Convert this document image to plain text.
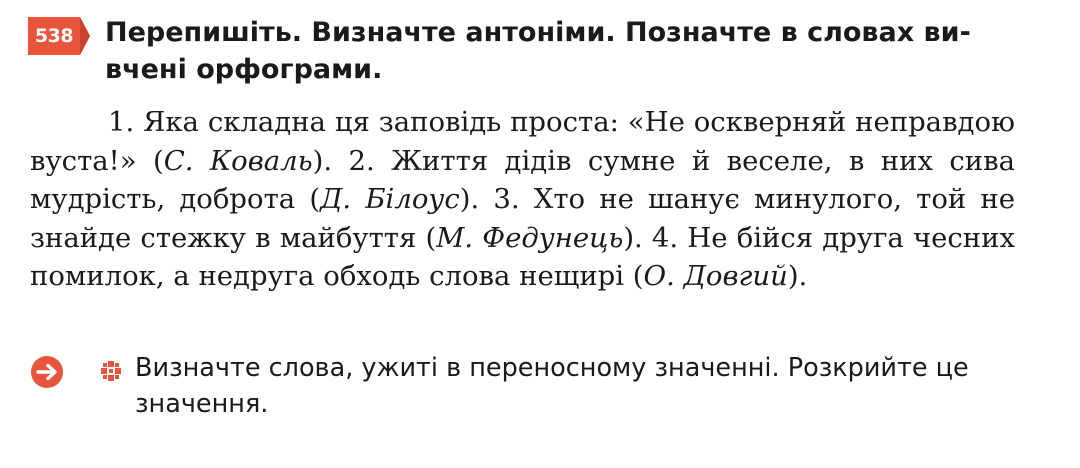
538 Перепишіть. Визначте антоніми. Позначте в словах вивчені орфограми.

1. Яка складна ця заповідь проста: «Не оскверняй неправдою вуста!» (С. Коваль). 2. Життя дідів сумне й веселе, в них сива мудрість, доброта (Д. Білоус). 3. Хто не шанує минулого, той не знайде стежку в майбуття (М. Федунець). 4. Не бійся друга чесних помилок, а недруга обходь слова нещирі (О. Довгий).

Визначте слова, ужиті в переносному значенні. Розкрийте це значення.
